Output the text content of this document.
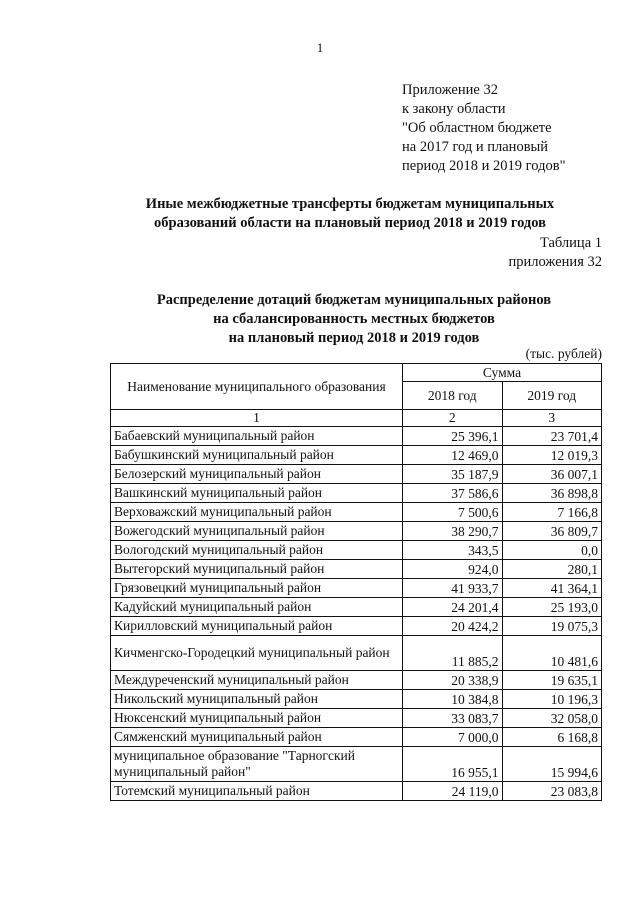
1
Приложение 32
к закону области
"Об областном бюджете
на 2017 год и плановый
период 2018 и 2019 годов"
Иные межбюджетные трансферты бюджетам муниципальных
образований области на плановый период 2018 и 2019 годов
Таблица 1
приложения 32
Распределение дотаций бюджетам муниципальных районов
на сбалансированность местных бюджетов
на плановый период 2018 и 2019 годов
(тыс. рублей)
Наименование муниципального образования	Сумма	
	2018 год	2019 год
1	2	3
Бабаевский муниципальный район	25 396,1	23 701,4
Бабушкинский муниципальный район	12 469,0	12 019,3
Белозерский муниципальный район	35 187,9	36 007,1
Вашкинский муниципальный район	37 586,6	36 898,8
Верховажский муниципальный район	7 500,6	7 166,8
Вожегодский муниципальный район	38 290,7	36 809,7
Вологодский муниципальный район	343,5	0,0
Вытегорский муниципальный район	924,0	280,1
Грязовецкий муниципальный район	41 933,7	41 364,1
Кадуйский муниципальный район	24 201,4	25 193,0
Кирилловский муниципальный район	20 424,2	19 075,3
Кичменгско-Городецкий муниципальный район	11 885,2	10 481,6
Междуреченский муниципальный район	20 338,9	19 635,1
Никольский муниципальный район	10 384,8	10 196,3
Нюксенский муниципальный район	33 083,7	32 058,0
Сямженский муниципальный район	7 000,0	6 168,8
муниципальное образование "Тарногский муниципальный район"	16 955,1	15 994,6
Тотемский муниципальный район	24 119,0	23 083,8
